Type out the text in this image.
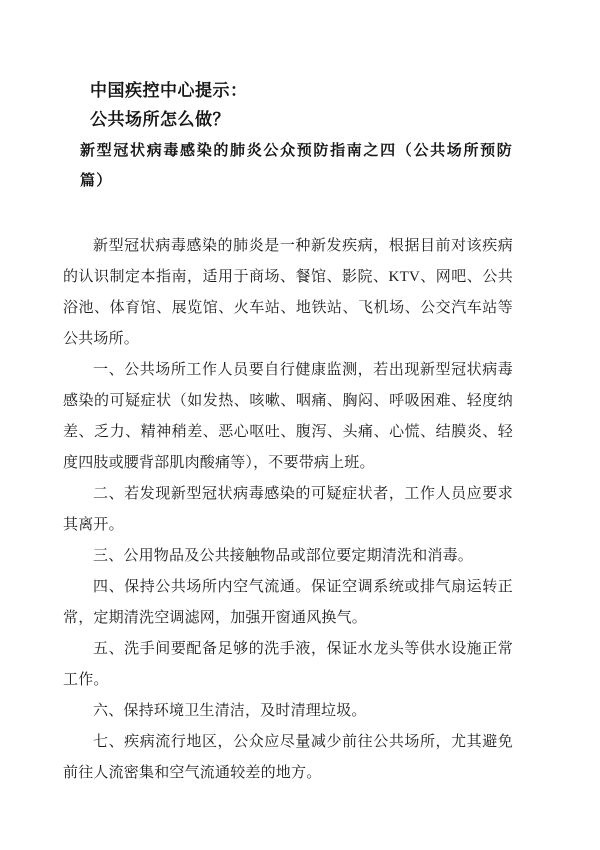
中国疾控中心提示：
公共场所怎么做？
新型冠状病毒感染的肺炎公众预防指南之四（公共场所预防篇）

新型冠状病毒感染的肺炎是一种新发疾病，根据目前对该疾病的认识制定本指南，适用于商场、餐馆、影院、KTV、网吧、公共浴池、体育馆、展览馆、火车站、地铁站、飞机场、公交汽车站等公共场所。

一、公共场所工作人员要自行健康监测，若出现新型冠状病毒感染的可疑症状（如发热、咳嗽、咽痛、胸闷、呼吸困难、轻度纳差、乏力、精神稍差、恶心呕吐、腹泻、头痛、心慌、结膜炎、轻度四肢或腰背部肌肉酸痛等），不要带病上班。

二、若发现新型冠状病毒感染的可疑症状者，工作人员应要求其离开。

三、公用物品及公共接触物品或部位要定期清洗和消毒。

四、保持公共场所内空气流通。保证空调系统或排气扇运转正常，定期清洗空调滤网，加强开窗通风换气。

五、洗手间要配备足够的洗手液，保证水龙头等供水设施正常工作。

六、保持环境卫生清洁，及时清理垃圾。

七、疾病流行地区，公众应尽量减少前往公共场所，尤其避免前往人流密集和空气流通较差的地方。
